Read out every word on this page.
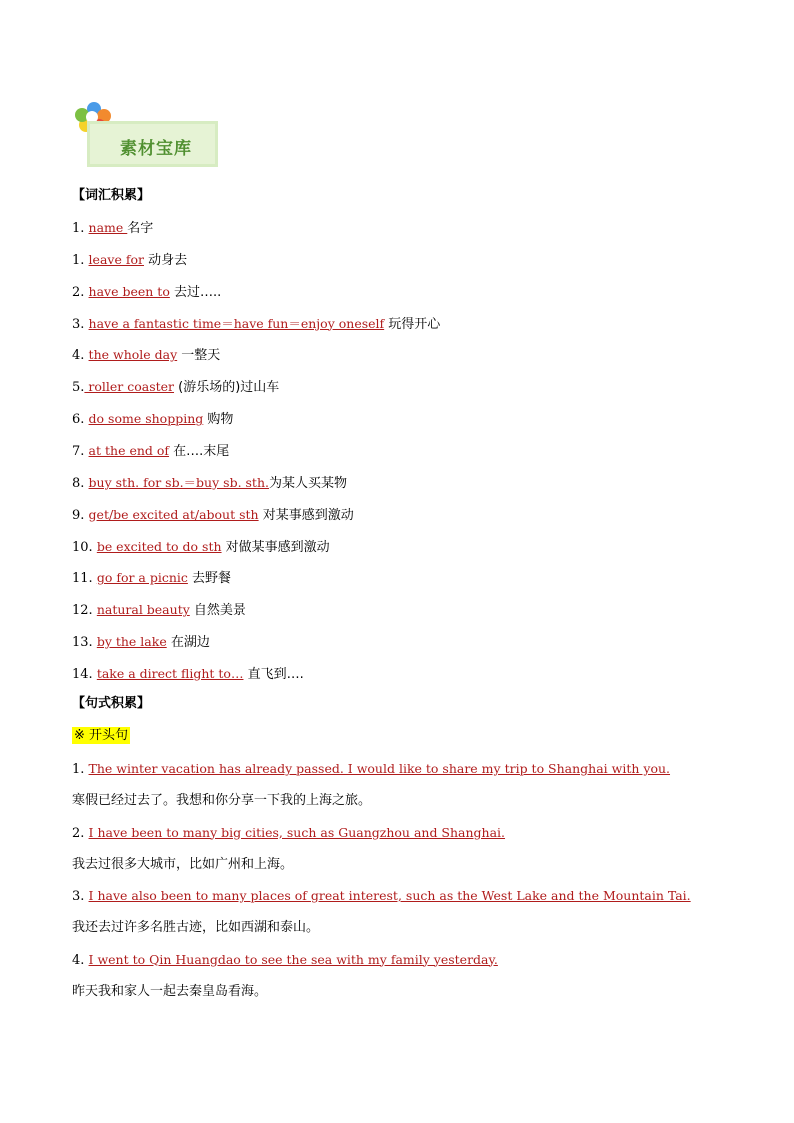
素材宝库
【词汇积累】
1. name 名字
1. leave for 动身去
2. have been to 去过…..
3. have a fantastic time＝have fun＝enjoy oneself 玩得开心
4. the whole day 一整天
5. roller coaster (游乐场的)过山车
6. do some shopping 购物
7. at the end of 在….末尾
8. buy sth. for sb.＝buy sb. sth.为某人买某物
9. get/be excited at/about sth 对某事感到激动
10. be excited to do sth 对做某事感到激动
11. go for a picnic 去野餐
12. natural beauty 自然美景
13. by the lake 在湖边
14. take a direct flight to… 直飞到….
【句式积累】
※ 开头句
1. The winter vacation has already passed. I would like to share my trip to Shanghai with you.
寒假已经过去了。我想和你分享一下我的上海之旅。
2. I have been to many big cities, such as Guangzhou and Shanghai.
我去过很多大城市，比如广州和上海。
3. I have also been to many places of great interest, such as the West Lake and the Mountain Tai.
我还去过许多名胜古迹，比如西湖和泰山。
4. I went to Qin Huangdao to see the sea with my family yesterday.
昨天我和家人一起去秦皇岛看海。
